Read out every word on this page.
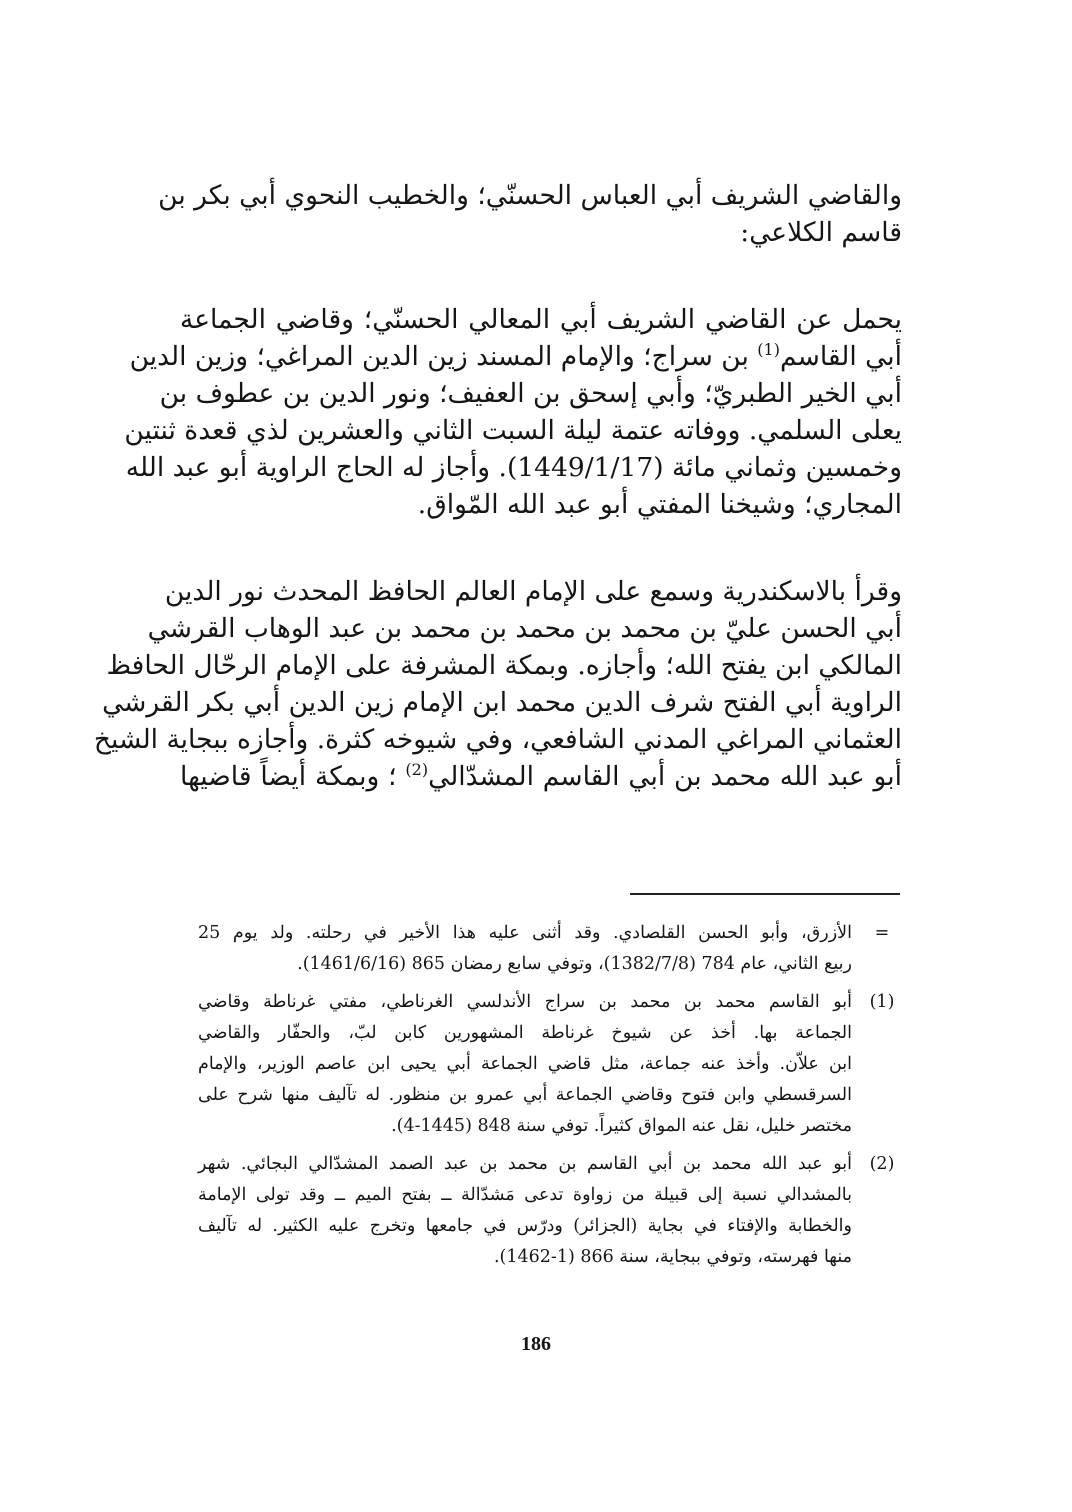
والقاضي الشريف أبي العباس الحسنّي؛ والخطيب النحوي أبي بكر بن
قاسم الكلاعي:

يحمل عن القاضي الشريف أبي المعالي الحسنّي؛ وقاضي الجماعة
أبي القاسم$^{(1)}$ بن سراج؛ والإمام المسند زين الدين المراغي؛ وزين الدين
أبي الخير الطبريّ؛ وأبي إسحق بن العفيف؛ ونور الدين بن عطوف بن
يعلى السلمي. ووفاته عتمة ليلة السبت الثاني والعشرين لذي قعدة ثنتين
وخمسين وثماني مائة (1449/1/17). وأجاز له الحاج الراوية أبو عبد الله
المجاري؛ وشيخنا المفتي أبو عبد الله المّواق.

وقرأ بالاسكندرية وسمع على الإمام العالم الحافظ المحدث نور الدين
أبي الحسن عليّ بن محمد بن محمد بن محمد بن عبد الوهاب القرشي
المالكي ابن يفتح الله؛ وأجازه. وبمكة المشرفة على الإمام الرحّال الحافظ
الراوية أبي الفتح شرف الدين محمد ابن الإمام زين الدين أبي بكر القرشي
العثماني المراغي المدني الشافعي، وفي شيوخه كثرة. وأجازه ببجاية الشيخ
أبو عبد الله محمد بن أبي القاسم المشدّالي$^{(2)}$ ؛ وبمكة أيضاً قاضيها

=
الأزرق، وأبو الحسن القلصادي. وقد أثنى عليه هذا الأخير في رحلته. ولد يوم 25
ربيع الثاني، عام 784 (1382/7/8)، وتوفي سابع رمضان 865 (1461/6/16).
(1)
أبو القاسم محمد بن محمد بن سراج الأندلسي الغرناطي، مفتي غرناطة وقاضي
الجماعة بها. أخذ عن شيوخ غرناطة المشهورين كابن لبّ، والحفّار والقاضي
ابن علاّن. وأخذ عنه جماعة، مثل قاضي الجماعة أبي يحيى ابن عاصم الوزير، والإمام
السرقسطي وابن فتوح وقاضي الجماعة أبي عمرو بن منظور. له تآليف منها شرح على
مختصر خليل، نقل عنه المواق كثيراً. توفي سنة 848 (1445-4).
(2)
أبو عبد الله محمد بن أبي القاسم بن محمد بن عبد الصمد المشدّالي البجائي. شهر
بالمشدالي نسبة إلى قبيلة من زواوة تدعى مَشدّالة ــ بفتح الميم ــ وقد تولى الإمامة
والخطابة والإفتاء في بجاية (الجزائر) ودرّس في جامعها وتخرج عليه الكثير. له تآليف
منها فهرسته، وتوفي ببجاية، سنة 866 (1-1462).
186
